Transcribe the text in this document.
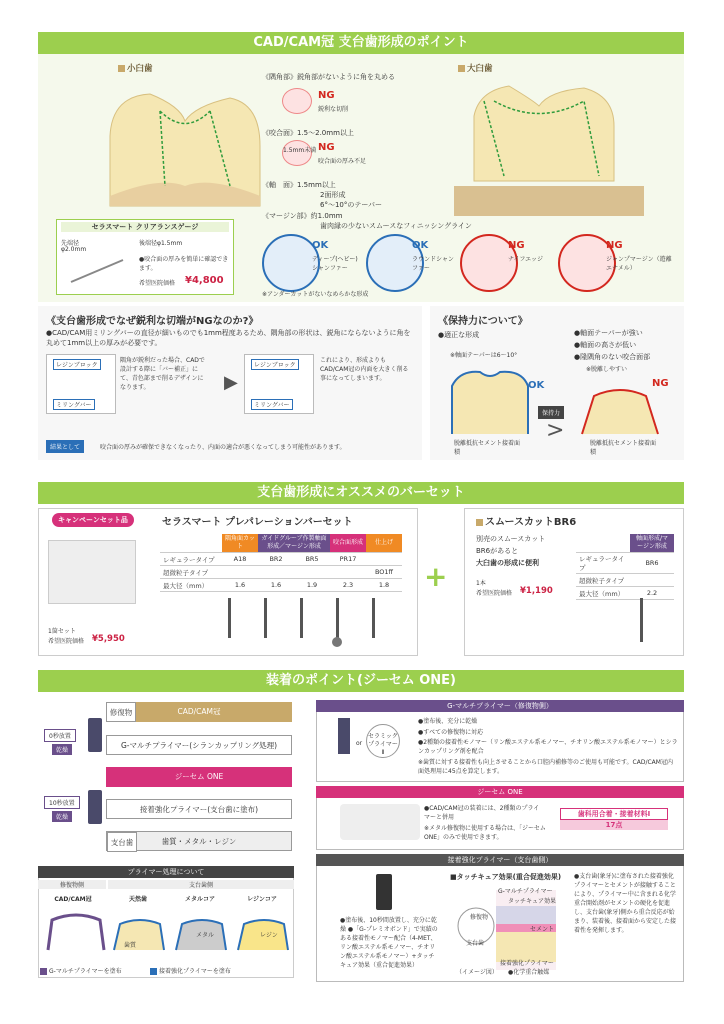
CAD/CAM冠 支台歯形成のポイント
小臼歯	大臼歯
《隅角部》鋭角部がないように角を丸める
《咬合面》1.5～2.0mm以上
《軸　面》1.5mm以上
2面形成
6°～10°のテーパー
《マージン部》約1.0mm
歯肉縁の少ないスムースなフィニッシングライン
NG
鋭利な切削
1.5mm未満 NG
咬合面の厚み不足
セラスマート クリアランスゲージ
先端径
φ2.0mm
後端径φ1.5mm
●咬合面の厚みを簡単に確認できます。
希望医院価格 ¥4,800
OK
ディープ(ヘビー)シャンファー
OK
ラウンドシャンファー
NG
ナイフエッジ
NG
ジャンプマージン（遊離エナメル）
※アンダーカットがないなめらかな形成
《支台歯形成でなぜ鋭利な切端がNGなのか?》
●CAD/CAM用ミリングバーの直径が細いものでも1mm程度あるため、隅角部の形状は、鋭角にならないように角を丸めて1mm以上の厚みが必要です。
レジンブロック
ミリングバー
隅角が鋭利だった場合、CADで設計する際に「バー補正」にて、青色部まで削るデザインになります。	▶
レジンブロック
ミリングバー
これにより、形成よりもCAD/CAM冠の内面を大きく削る事になってしまいます。
結果として	咬合面の厚みが確保できなくなったり、内面の適合が悪くなってしまう可能性があります。
《保持力について》
●適正な形成
※軸面テーパーは6～10°
●軸面テーパーが強い
●軸面の高さが低い
●隆隅角のない咬合面部
※脱離しやすい
OK
保持力
>
NG
脱離抵抗セメント接着面積
脱離抵抗セメント接着面積
支台歯形成にオススメのバーセット
キャンペーンセット品	セラスマート プレパレーションバーセット
1箇セット
希望医院価格 ¥5,950
	隅角面カット	ガイドグルーブ作製軸面形成／マージン形成		咬合面形成	仕上げ
レギュラータイプ	A18	BR2	BR5	PR17	
超微粒子タイプ					BO1ff
最大径（mm）	1.6	1.6	1.9	2.3	1.8 +
スムースカットBR6
別売のスムースカット
BR6があると
大臼歯の形成に便利
1本
希望医院価格 ¥1,190
	軸面形成/マージン形成
レギュラータイプ	BR6
超微粒子タイプ	
最大径（mm）	2.2
装着のポイント(ジーセム ONE)
0秒放置
乾燥
10秒放置
乾燥
修復物	CAD/CAM冠
G-マルチプライマー(シランカップリング処理)
ジーセム ONE
接着強化プライマー(支台歯に塗布)
支台歯	歯質・メタル・レジン
プライマー処理について
修復物側	支台歯側
CAD/CAM冠	天然歯	メタルコア	レジンコア
歯質
メタル	レジン
G-マルチプライマーを塗布	接着強化プライマーを塗布
G-マルチプライマー（修復物側）
or
セラミックプライマーⅡ
●塗布後、充分に乾燥
●すべての修復物に対応
●2種類の接着性モノマー（リン酸エステル系モノマー、チオリン酸エステル系モノマー）とシランカップリング剤を配合
※歯質に対する接着性も向上させることから口腔内補修等のご使用も可能です。CAD/CAM冠内面処理用に45点を算定します。
ジーセム ONE
●CAD/CAM冠の装着には、2種類のプライマーと併用
※メタル修復物に使用する場合は、「ジーセム ONE」のみで使用できます。
歯科用合着・接着材料Ⅰ
17点
接着強化プライマー（支台歯側）
●塗布後、10秒間放置し、充分に乾燥 ●「G-プレミオボンド」で実績のある接着性モノマー配合（4-MET、リン酸エステル系モノマー、チオリン酸エステル系モノマー）+タッチキュア効果（重合促進効果）
■タッチキュア効果(重合促進効果)
G-マルチプライマー
タッチキュア効果
修復物
セメント
支台歯
接着強化プライマー
●化学重合触媒
（イメージ図）
●支台歯(象牙)に塗布された接着強化プライマーとセメントが接触することにより、プライマー中に含まれる化学重合開始剤がセメントの硬化を促進し、支台歯(象牙)側から重合反応が始まり、装着後、接着面から安定した接着性を発揮します。
